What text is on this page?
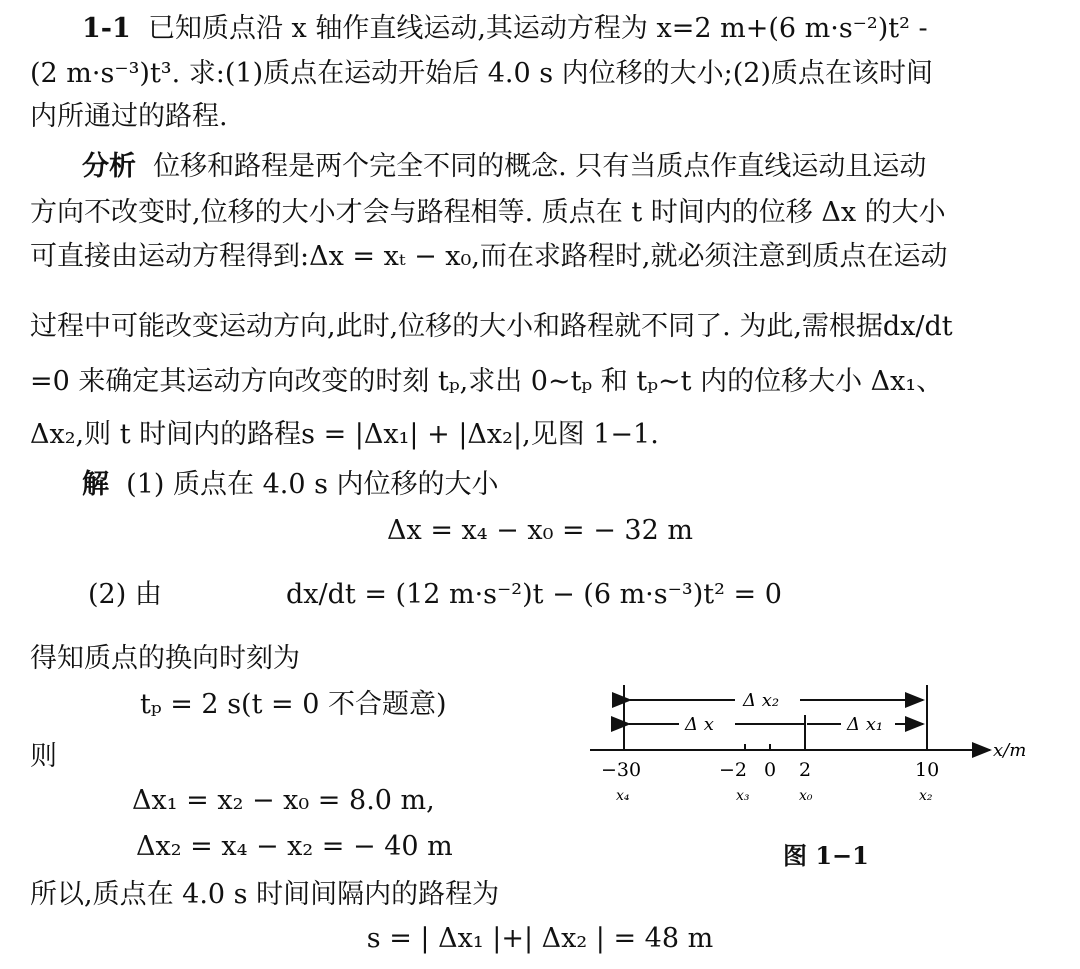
1-1 已知质点沿 x 轴作直线运动,其运动方程为 x=2 m+(6 m·s⁻²)t² -
(2 m·s⁻³)t³. 求:(1)质点在运动开始后 4.0 s 内位移的大小;(2)质点在该时间
内所通过的路程.
分析 位移和路程是两个完全不同的概念. 只有当质点作直线运动且运动
方向不改变时,位移的大小才会与路程相等. 质点在 t 时间内的位移 Δx 的大小
可直接由运动方程得到:Δx = xₜ − x₀,而在求路程时,就必须注意到质点在运动
过程中可能改变运动方向,此时,位移的大小和路程就不同了. 为此,需根据dx/dt
=0 来确定其运动方向改变的时刻 tₚ,求出 0~tₚ 和 tₚ~t 内的位移大小 Δx₁、
Δx₂,则 t 时间内的路程s = |Δx₁| + |Δx₂|,见图 1−1.
解 (1) 质点在 4.0 s 内位移的大小
Δx = x₄ − x₀ = − 32 m
(2) 由	dx/dt = (12 m·s⁻²)t − (6 m·s⁻³)t² = 0
得知质点的换向时刻为
tₚ = 2 s(t = 0 不合题意)
则
Δx₁ = x₂ − x₀ = 8.0 m,
Δx₂ = x₄ − x₂ = − 40 m
所以,质点在 4.0 s 时间间隔内的路程为
s = | Δx₁ |+| Δx₂ | = 48 m
Δ x₂
Δ x	Δ x₁
x/m
−30	−2 0 2	10
x₄	x₃	x₀	x₂
图 1−1
